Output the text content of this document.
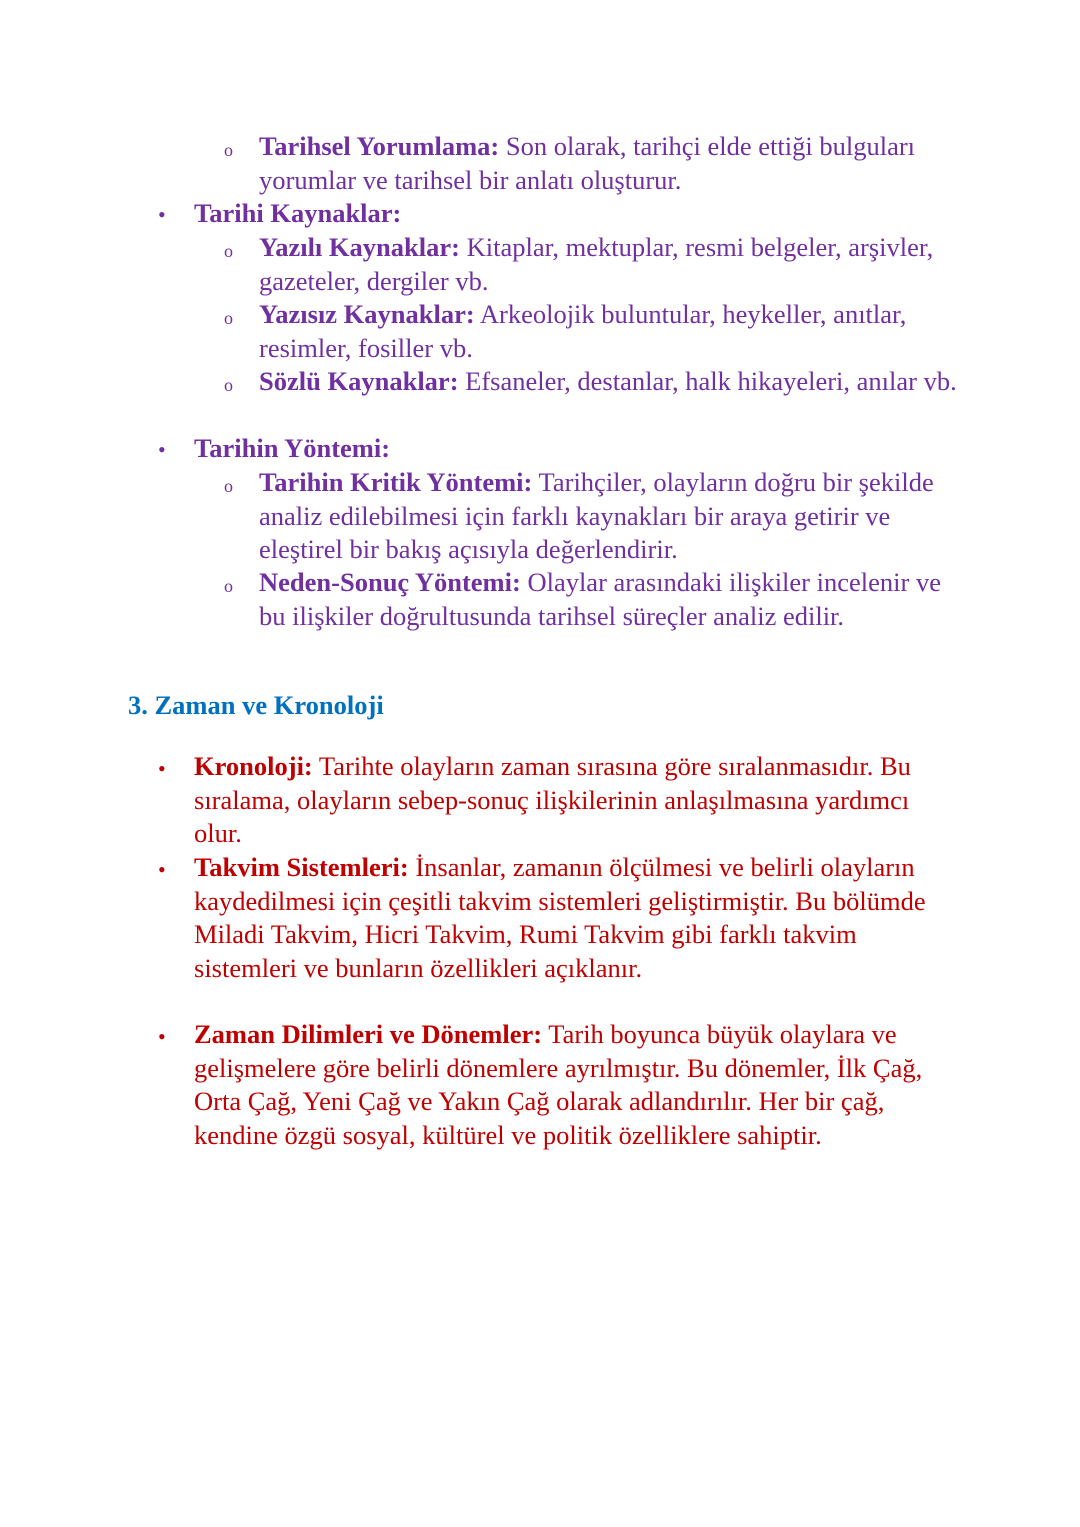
o Tarihsel Yorumlama: Son olarak, tarihçi elde ettiği bulguları yorumlar ve tarihsel bir anlatı oluşturur.

• Tarihi Kaynaklar:

o Yazılı Kaynaklar: Kitaplar, mektuplar, resmi belgeler, arşivler, gazeteler, dergiler vb.

o Yazısız Kaynaklar: Arkeolojik buluntular, heykeller, anıtlar, resimler, fosiller vb.

o Sözlü Kaynaklar: Efsaneler, destanlar, halk hikayeleri, anılar vb.

• Tarihin Yöntemi:

o Tarihin Kritik Yöntemi: Tarihçiler, olayların doğru bir şekilde analiz edilebilmesi için farklı kaynakları bir araya getirir ve eleştirel bir bakış açısıyla değerlendirir.

o Neden-Sonuç Yöntemi: Olaylar arasındaki ilişkiler incelenir ve bu ilişkiler doğrultusunda tarihsel süreçler analiz edilir.

3. Zaman ve Kronoloji
• Kronoloji: Tarihte olayların zaman sırasına göre sıralanmasıdır. Bu sıralama, olayların sebep-sonuç ilişkilerinin anlaşılmasına yardımcı olur.

• Takvim Sistemleri: İnsanlar, zamanın ölçülmesi ve belirli olayların kaydedilmesi için çeşitli takvim sistemleri geliştirmiştir. Bu bölümde Miladi Takvim, Hicri Takvim, Rumi Takvim gibi farklı takvim sistemleri ve bunların özellikleri açıklanır.

• Zaman Dilimleri ve Dönemler: Tarih boyunca büyük olaylara ve gelişmelere göre belirli dönemlere ayrılmıştır. Bu dönemler, İlk Çağ, Orta Çağ, Yeni Çağ ve Yakın Çağ olarak adlandırılır. Her bir çağ, kendine özgü sosyal, kültürel ve politik özelliklere sahiptir.
